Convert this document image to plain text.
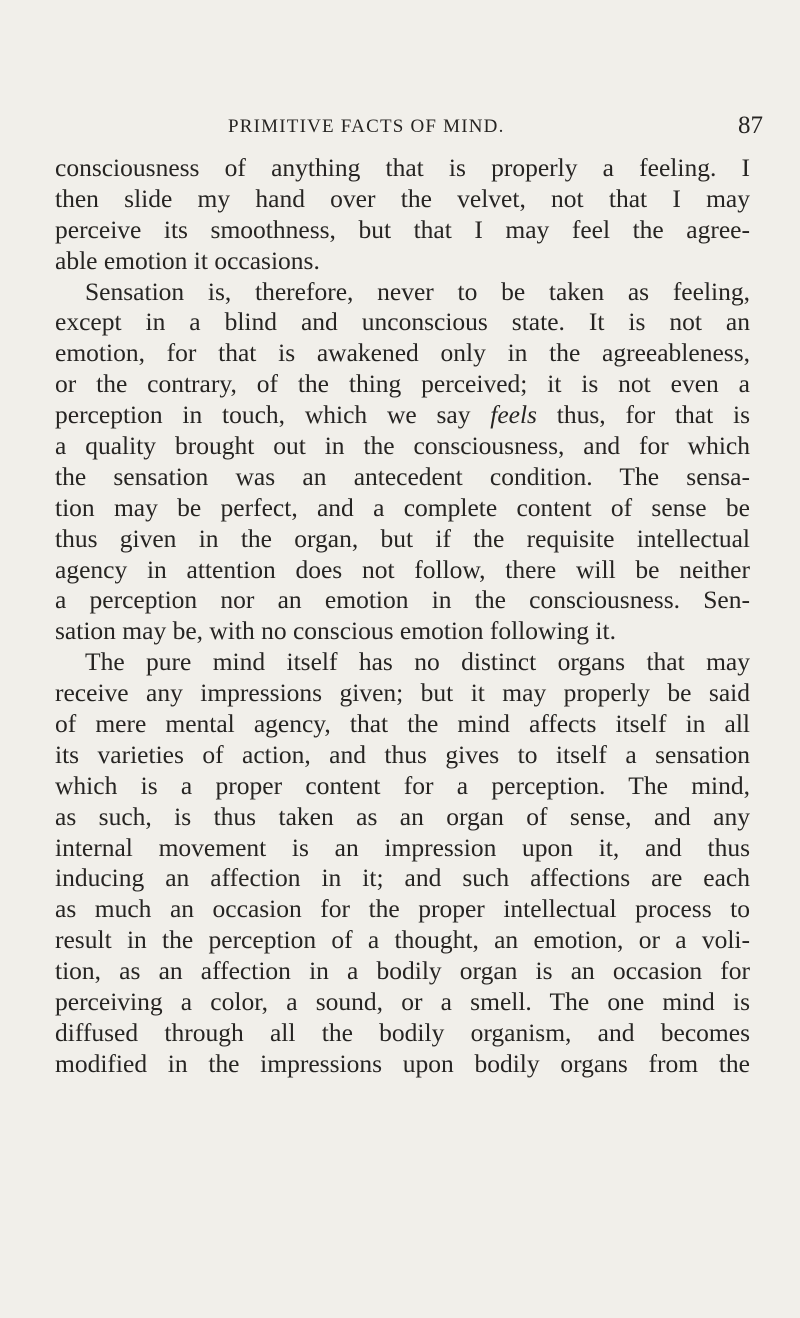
PRIMITIVE FACTS OF MIND.	87
consciousness of anything that is properly a feeling. I
then slide my hand over the velvet, not that I may
perceive its smoothness, but that I may feel the agree-
able emotion it occasions.
Sensation is, therefore, never to be taken as feeling,
except in a blind and unconscious state. It is not an
emotion, for that is awakened only in the agreeableness,
or the contrary, of the thing perceived; it is not even a
perception in touch, which we say feels thus, for that is
a quality brought out in the consciousness, and for which
the sensation was an antecedent condition. The sensa-
tion may be perfect, and a complete content of sense be
thus given in the organ, but if the requisite intellectual
agency in attention does not follow, there will be neither
a perception nor an emotion in the consciousness. Sen-
sation may be, with no conscious emotion following it.
The pure mind itself has no distinct organs that may
receive any impressions given; but it may properly be said
of mere mental agency, that the mind affects itself in all
its varieties of action, and thus gives to itself a sensation
which is a proper content for a perception. The mind,
as such, is thus taken as an organ of sense, and any
internal movement is an impression upon it, and thus
inducing an affection in it; and such affections are each
as much an occasion for the proper intellectual process to
result in the perception of a thought, an emotion, or a voli-
tion, as an affection in a bodily organ is an occasion for
perceiving a color, a sound, or a smell. The one mind is
diffused through all the bodily organism, and becomes
modified in the impressions upon bodily organs from the
